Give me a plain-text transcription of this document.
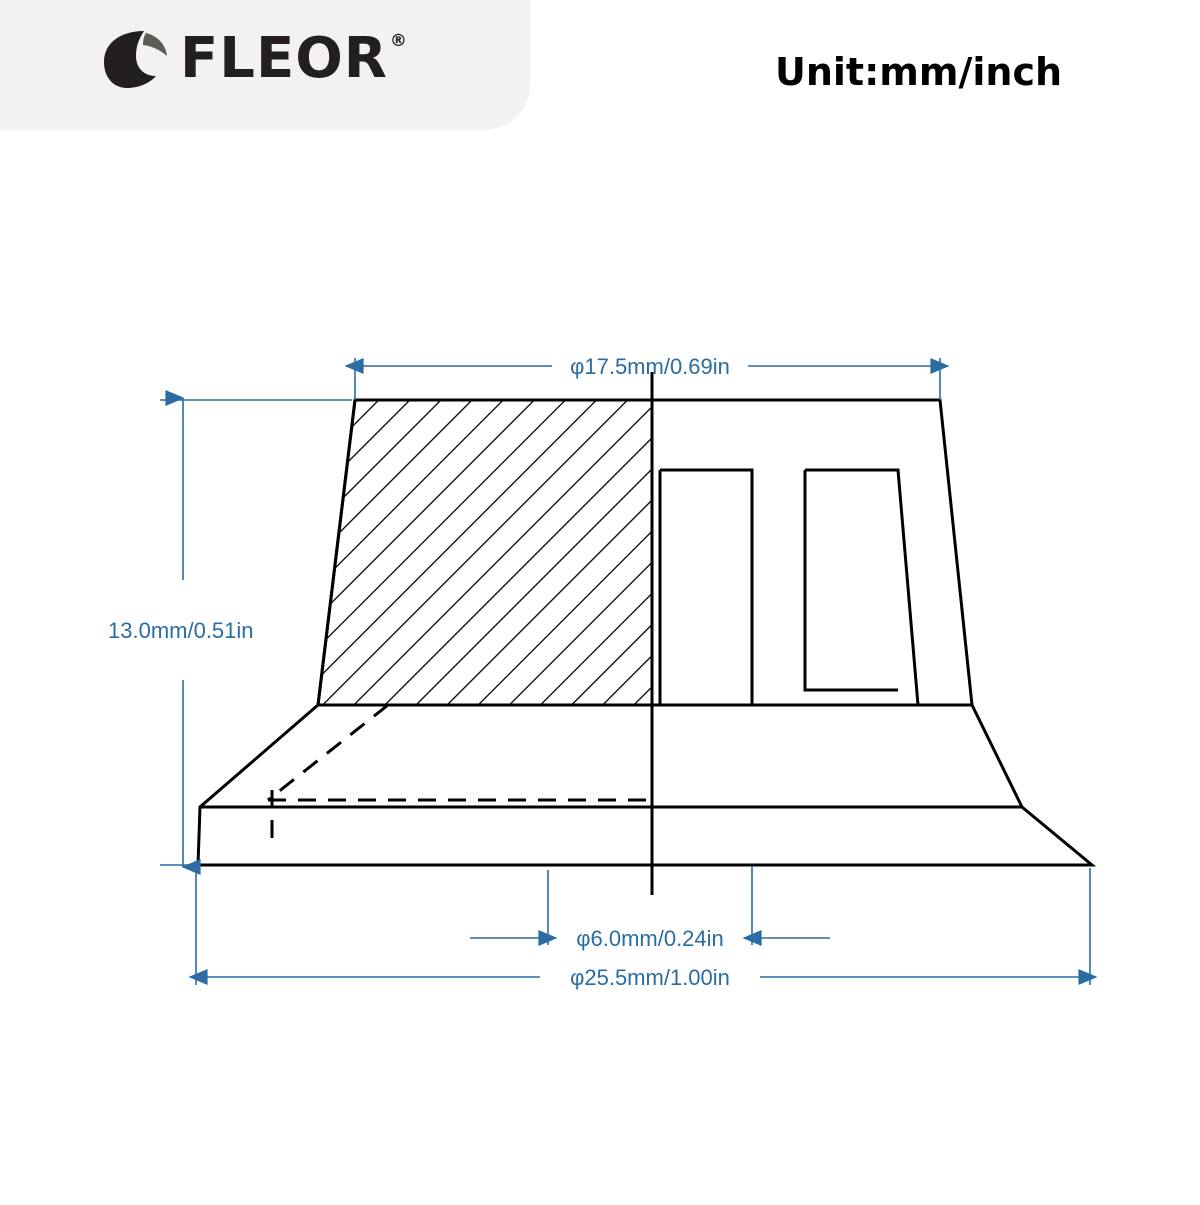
FLEOR ®
Unit:mm/inch
φ17.5mm/0.69in
13.0mm/0.51in
φ6.0mm/0.24in
φ25.5mm/1.00in
